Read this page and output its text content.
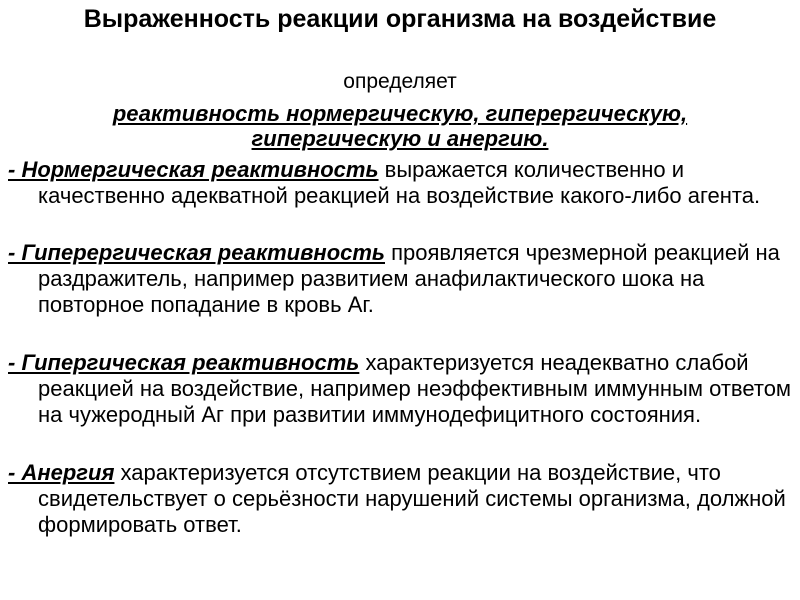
Выраженность реакции организма на воздействие

определяет

реактивность нормергическую, гиперергическую, гипергическую и анергию.

- Нормергическая реактивность выражается количественно и качественно адекватной реакцией на воздействие какого-либо агента.

- Гиперергическая реактивность проявляется чрезмерной реакцией на раздражитель, например развитием анафилактического шока на повторное попадание в кровь Аг.

- Гипергическая реактивность характеризуется неадекватно слабой реакцией на воздействие, например неэффективным иммунным ответом на чужеродный Аг при развитии иммунодефицитного состояния.

- Анергия характеризуется отсутствием реакции на воздействие, что свидетельствует о серьёзности нарушений системы организма, должной формировать ответ.
